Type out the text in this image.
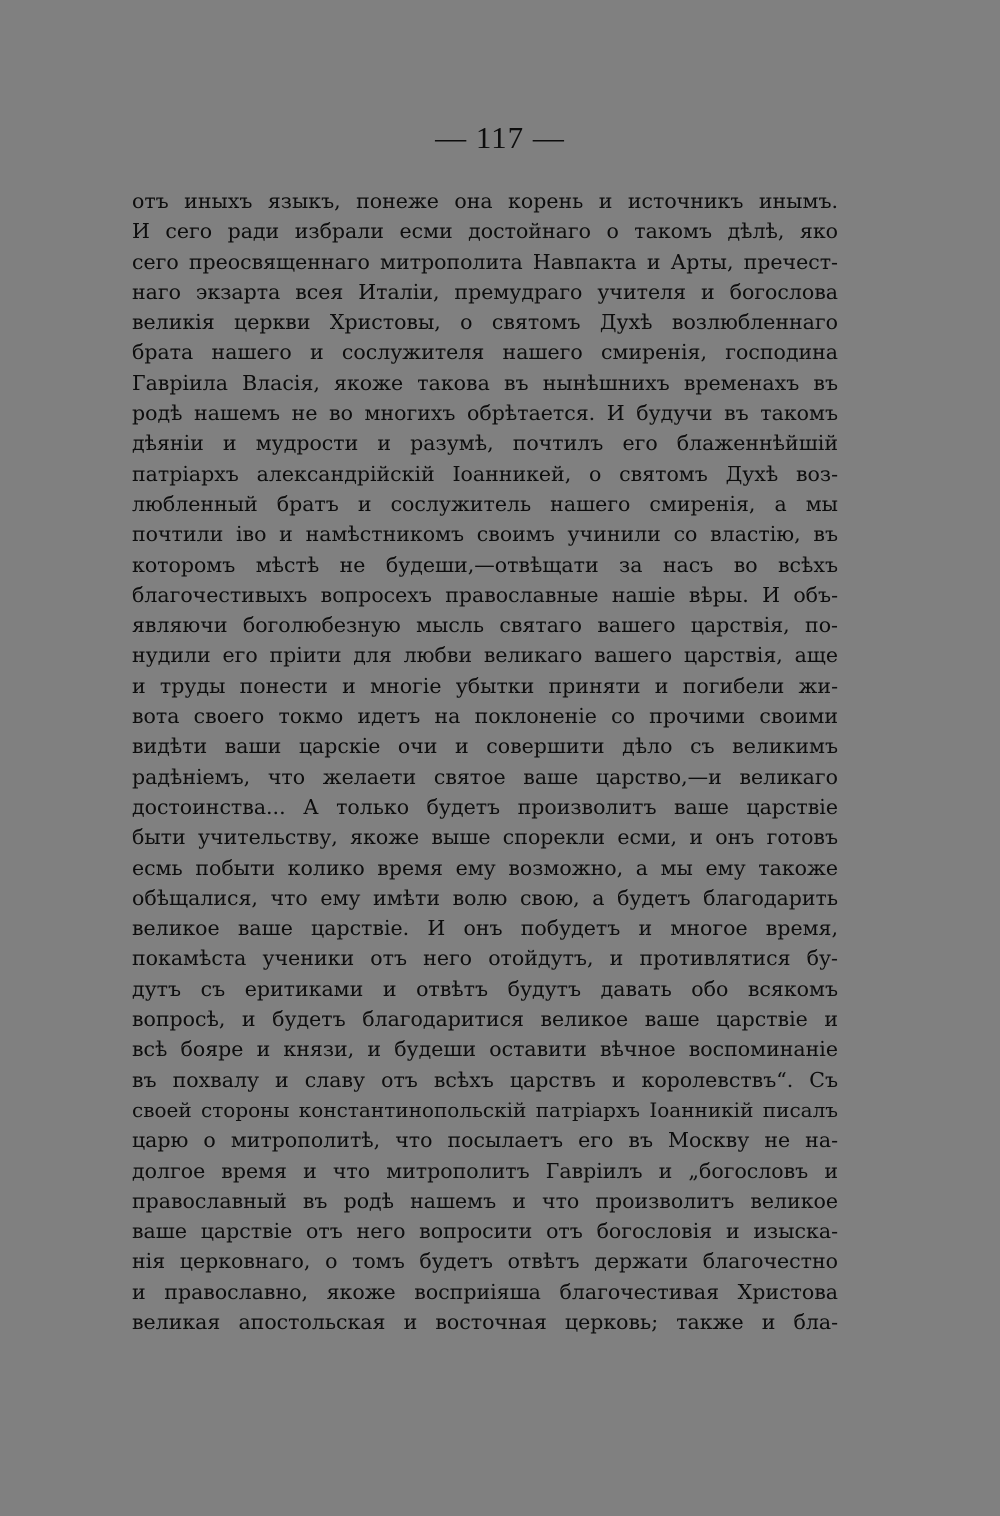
— 117 —
отъ иныхъ языкъ, понеже она корень и источникъ инымъ.
И сего ради избрали есми достойнаго о такомъ дѣлѣ, яко
сего преосвященнаго митрополита Навпакта и Арты, пречест-
наго экзарта всея Италіи, премудраго учителя и богослова
великія церкви Христовы, о святомъ Духѣ возлюбленнаго
брата нашего и сослужителя нашего смиренія, господина
Гавріила Власія, якоже такова въ нынѣшнихъ временахъ въ
родѣ нашемъ не во многихъ обрѣтается. И будучи въ такомъ
дѣяніи и мудрости и разумѣ, почтилъ его блаженнѣйшій
патріархъ александрійскій Іоанникей, о святомъ Духѣ воз-
любленный братъ и сослужитель нашего смиренія, а мы
почтили іво и намѣстникомъ своимъ учинили со властію, въ
которомъ мѣстѣ не будеши,—отвѣщати за насъ во всѣхъ
благочестивыхъ вопросехъ православные нашіе вѣры. И объ-
являючи боголюбезную мысль святаго вашего царствія, по-
нудили его пріити для любви великаго вашего царствія, аще
и труды понести и многіе убытки приняти и погибели жи-
вота своего токмо идетъ на поклоненіе со прочими своими
видѣти ваши царскіе очи и совершити дѣло съ великимъ
радѣніемъ, что желаети святое ваше царство,—и великаго
достоинства... А только будетъ произволитъ ваше царствіе
быти учительству, якоже выше спорекли есми, и онъ готовъ
есмь побыти колико время ему возможно, а мы ему такоже
обѣщалися, что ему имѣти волю свою, а будетъ благодарить
великое ваше царствіе. И онъ побудетъ и многое время,
покамѣста ученики отъ него отойдутъ, и противлятися бу-
дутъ съ еритиками и отвѣтъ будутъ давать обо всякомъ
вопросѣ, и будетъ благодаритися великое ваше царствіе и
всѣ бояре и князи, и будеши оставити вѣчное воспоминаніе
въ похвалу и славу отъ всѣхъ царствъ и королевствъ“. Съ
своей стороны константинопольскій патріархъ Іоанникій писалъ
царю о митрополитѣ, что посылаетъ его въ Москву не на-
долгое время и что митрополитъ Гавріилъ и „богословъ и
православный въ родѣ нашемъ и что произволитъ великое
ваше царствіе отъ него вопросити отъ богословія и изыска-
нія церковнаго, о томъ будетъ отвѣтъ держати благочестно
и православно, якоже восприіяша благочестивая Христова
великая апостольская и восточная церковь; также и бла-
